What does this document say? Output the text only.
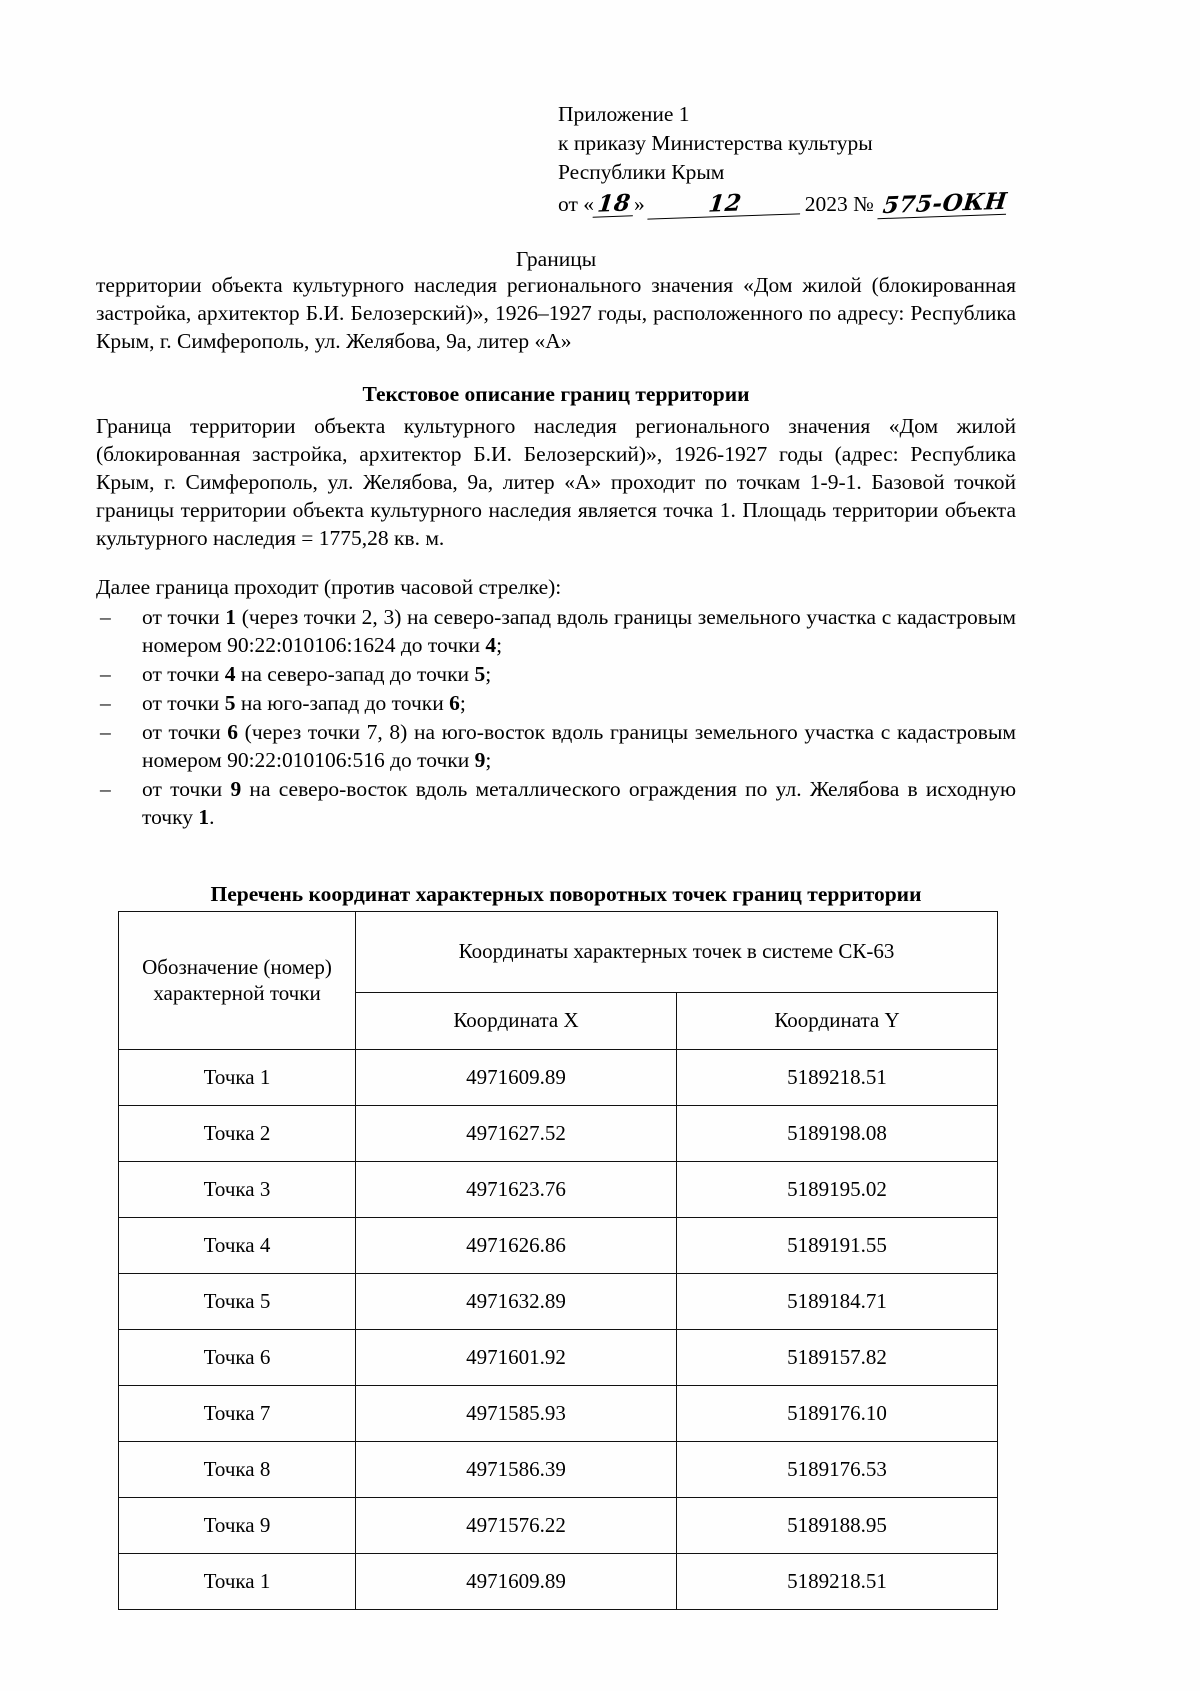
Приложение 1
к приказу Министерства культуры
Республики Крым
от « 18 »	12	2023
№
575-ОКН
Границы

территории объекта культурного наследия регионального значения «Дом жилой (блокированная застройка, архитектор Б.И. Белозерский)», 1926–1927 годы, расположенного по адресу: Республика Крым, г. Симферополь, ул. Желябова, 9а, литер «А»

Текстовое описание границ территории

Граница территории объекта культурного наследия регионального значения «Дом жилой (блокированная застройка, архитектор Б.И. Белозерский)», 1926-1927 годы (адрес: Республика Крым, г. Симферополь, ул. Желябова, 9а, литер «А» проходит по точкам 1-9-1. Базовой точкой границы территории объекта культурного наследия является точка 1. Площадь территории объекта культурного наследия = 1775,28 кв. м.

Далее граница проходит (против часовой стрелке):

– от точки 1 (через точки 2, 3) на северо-запад вдоль границы земельного участка с кадастровым номером 90:22:010106:1624 до точки 4;
– от точки 4 на северо-запад до точки 5;
– от точки 5 на юго-запад до точки 6;
– от точки 6 (через точки 7, 8) на юго-восток вдоль границы земельного участка с кадастровым номером 90:22:010106:516 до точки 9;
– от точки 9 на северо-восток вдоль металлического ограждения по ул. Желябова в исходную точку 1.
Перечень координат характерных поворотных точек границ территории
Обозначение (номер) характерной точки	Координаты характерных точек в системе СК-63	
	Координата X	Координата Y
Точка 1	4971609.89	5189218.51
Точка 2	4971627.52	5189198.08
Точка 3	4971623.76	5189195.02
Точка 4	4971626.86	5189191.55
Точка 5	4971632.89	5189184.71
Точка 6	4971601.92	5189157.82
Точка 7	4971585.93	5189176.10
Точка 8	4971586.39	5189176.53
Точка 9	4971576.22	5189188.95
Точка 1	4971609.89	5189218.51
